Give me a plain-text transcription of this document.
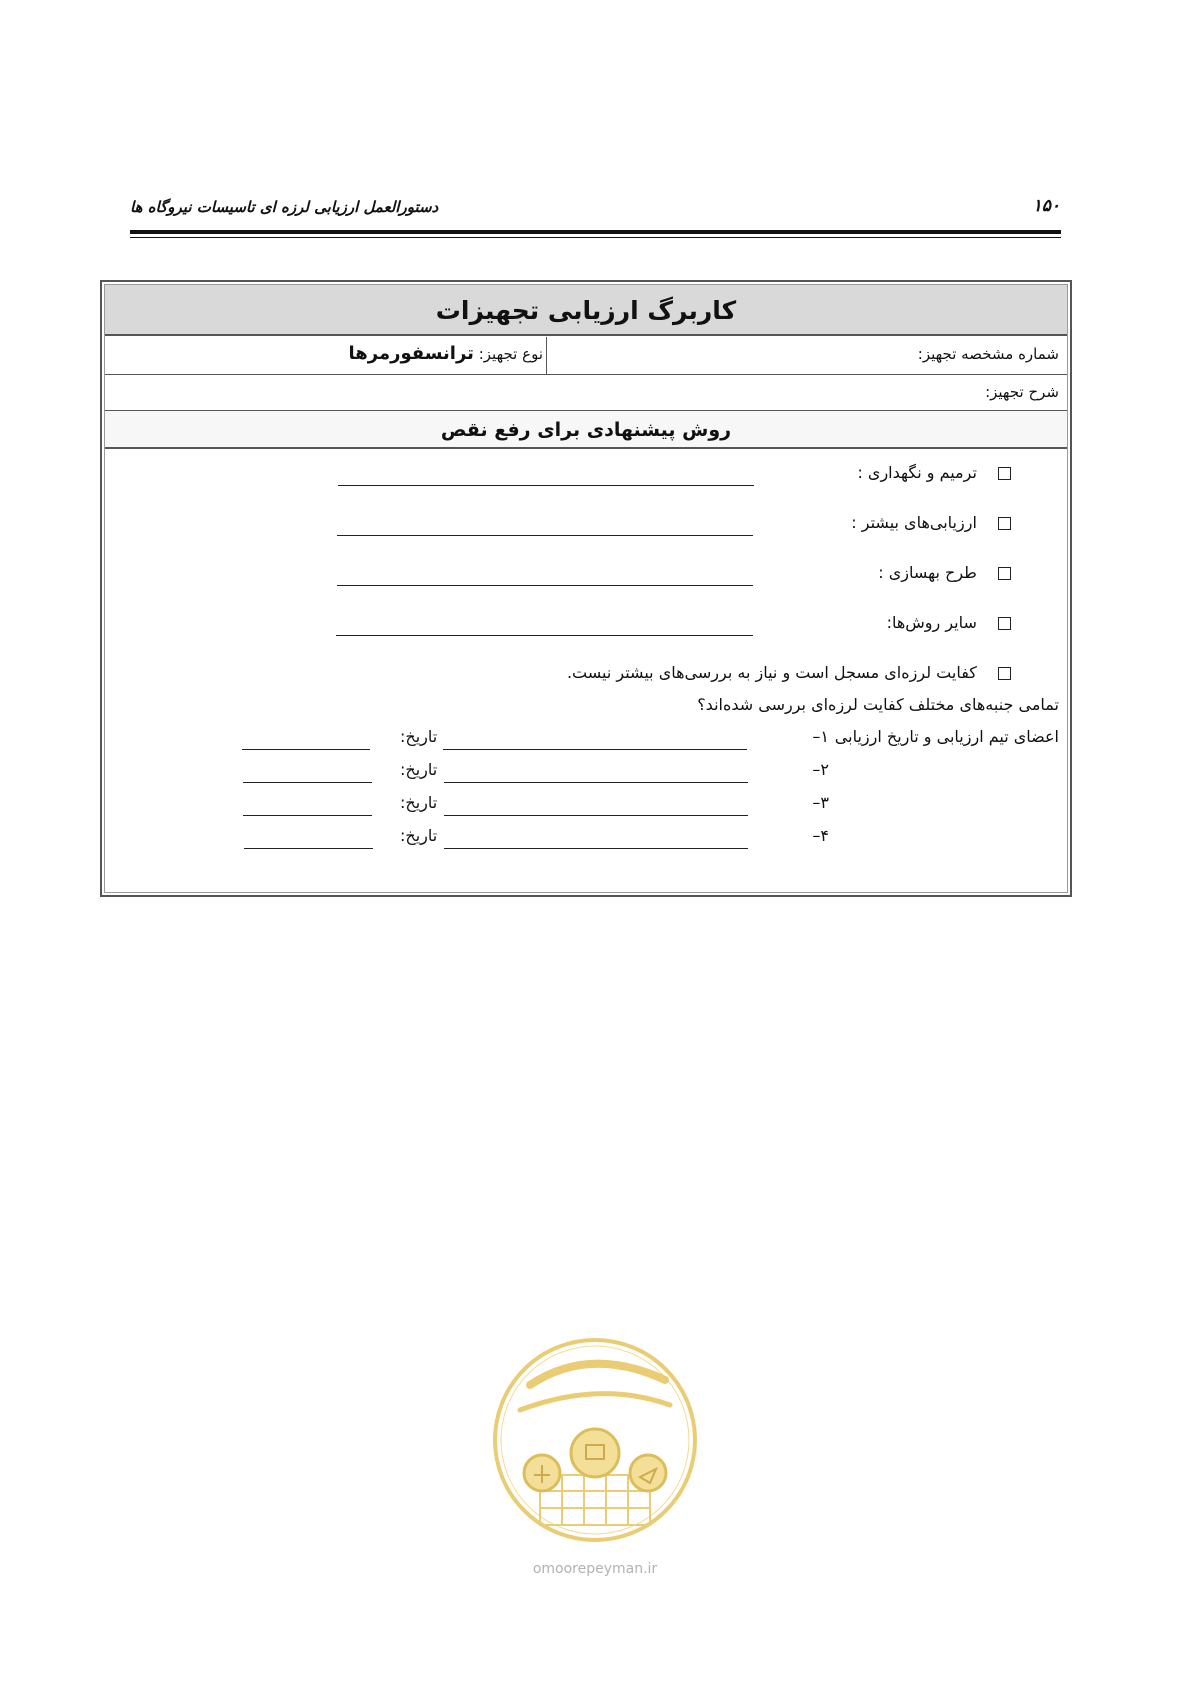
۱۵۰
دستورالعمل ارزیابی لرزه ای تاسیسات نیروگاه ها
کاربرگ ارزیابی تجهیزات
شماره مشخصه تجهیز:
نوع تجهیز: ترانسفورمرها
شرح تجهیز:
روش پیشنهادی برای رفع نقص
ترمیم و نگهداری :
ارزیابی‌های بیشتر :
طرح بهسازی :
سایر روش‌ها:
کفایت لرزه‌ای مسجل است و نیاز به بررسی‌های بیشتر نیست.
تمامی جنبه‌های مختلف کفایت لرزه‌ای بررسی شده‌اند؟
اعضای تیم ارزیابی و تاریخ ارزیابی
۱–
تاریخ:
۲–
تاریخ:
۳–
تاریخ:
۴–
تاریخ:
omoorepeyman.ir
